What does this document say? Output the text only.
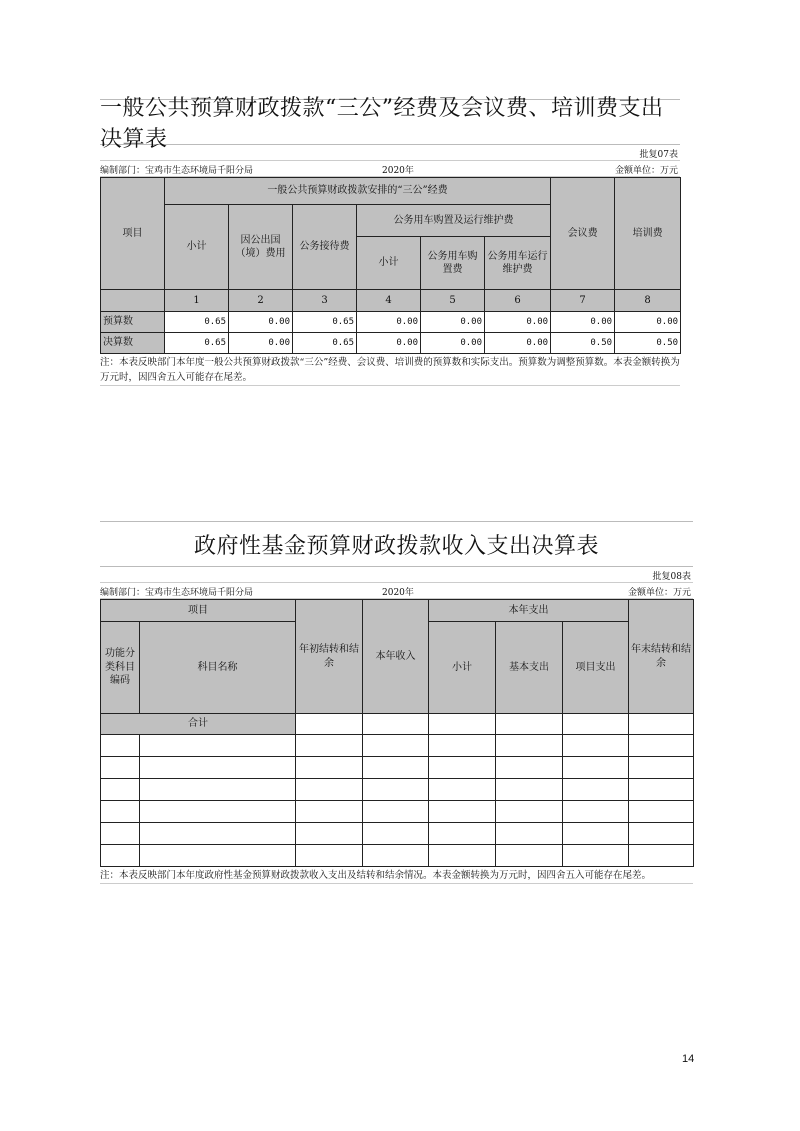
一般公共预算财政拨款“三公”经费及会议费、培训费支出决算表
批复07表
编制部门：宝鸡市生态环境局千阳分局	2020年	金额单位：万元
项目	一般公共预算财政拨款安排的“三公”经费						会议费	培训费
	小计	因公出国（境）费用	公务接待费	公务用车购置及运行维护费				
				小计	公务用车购置费	公务用车运行维护费		
	1	2	3	4	5	6	7	8
预算数	0.65	0.00	0.65	0.00	0.00	0.00	0.00	0.00
决算数	0.65	0.00	0.65	0.00	0.00	0.00	0.50	0.50
注：本表反映部门本年度一般公共预算财政拨款“三公”经费、会议费、培训费的预算数和实际支出。预算数为调整预算数。本表金额转换为万元时，因四舍五入可能存在尾差。
政府性基金预算财政拨款收入支出决算表
批复08表
编制部门：宝鸡市生态环境局千阳分局	2020年	金额单位：万元
项目		年初结转和结余	本年收入	本年支出			年末结转和结余
功能分类科目编码	科目名称			小计	基本支出	项目支出	
合计							

注：本表反映部门本年度政府性基金预算财政拨款收入支出及结转和结余情况。本表金额转换为万元时，因四舍五入可能存在尾差。
14
